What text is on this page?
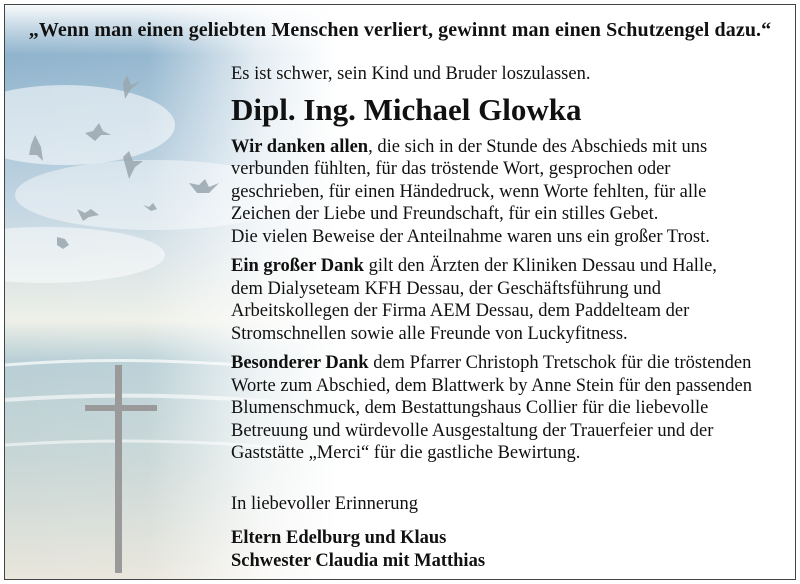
„Wenn man einen geliebten Menschen verliert, gewinnt man einen Schutzengel dazu.“
Es ist schwer, sein Kind und Bruder loszulassen.
Dipl. Ing. Michael Glowka

Wir danken allen, die sich in der Stunde des Abschieds mit uns

verbunden fühlten, für das tröstende Wort, gesprochen oder

geschrieben, für einen Händedruck, wenn Worte fehlten, für alle

Zeichen der Liebe und Freundschaft, für ein stilles Gebet.

Die vielen Beweise der Anteilnahme waren uns ein großer Trost.

Ein großer Dank gilt den Ärzten der Kliniken Dessau und Halle,

dem Dialyseteam KFH Dessau, der Geschäftsführung und

Arbeitskollegen der Firma AEM Dessau, dem Paddelteam der

Stromschnellen sowie alle Freunde von Luckyfitness.

Besonderer Dank dem Pfarrer Christoph Tretschok für die tröstenden

Worte zum Abschied, dem Blattwerk by Anne Stein für den passenden

Blumenschmuck, dem Bestattungshaus Collier für die liebevolle

Betreuung und würdevolle Ausgestaltung der Trauerfeier und der

Gaststätte „Merci“ für die gastliche Bewirtung.

In liebevoller Erinnerung
Eltern Edelburg und Klaus
Schwester Claudia mit Matthias
